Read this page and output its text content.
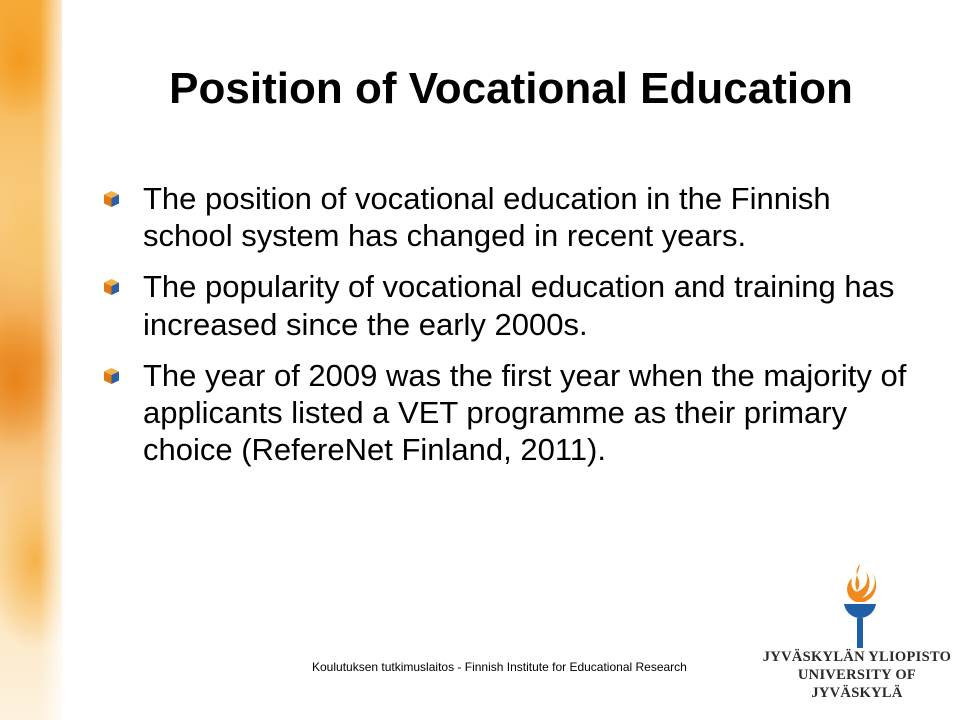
Position of Vocational Education
The position of vocational education in the Finnish school system has changed in recent years.
The popularity of vocational education and training has increased since the early 2000s.
The year of 2009 was the first year when the majority of applicants listed a VET programme as their primary choice (RefereNet Finland, 2011).
Koulutuksen tutkimuslaitos - Finnish Institute for Educational Research
JYVÄSKYLÄN YLIOPISTO
UNIVERSITY OF JYVÄSKYLÄ
